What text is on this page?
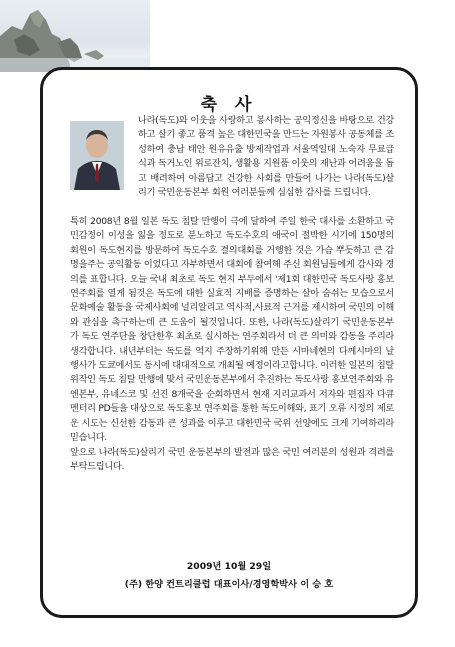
축 사
나라(독도)와 이웃을 사랑하고 봉사하는 공익정신을 바탕으로 건강하고 살기 좋고 품격 높은 대한민국을 만드는 자원봉사 공동체를 조성하여 충남 태안 원유유출 방제작업과 서울역일대 노숙자 무료급식과 독거노인 위로잔치, 생활용 지원품 이웃의 재난과 어려움을 돕고 배려하여 아름답고 건강한 사회를 만들어 나가는 나라(독도)살리기 국민운동본부 회원 여러분들께 심심한 감사를 드립니다.

특히 2008년 8월 일본 독도 침탈 만행이 극에 달하여 주일 한국 대사를 소환하고 국민감정이 이성을 잃을 정도로 분노하고 독도수호의 애국이 절박한 시기에 150명의 회원이 독도현지를 방문하여 독도수호 결의대회를 거행한 것은 가슴 뿌듯하고 큰 감명을주는 공익활동 이었다고 자부하면서 대회에 참여해 주신 회원님들에게 감사와 경의를 표합니다. 오늘 국내 최초로 독도 현지 부두에서 '제1회 대한민국 독도사랑 홍보 연주회를 열게 됨것은 독도에 대한 실효적 지배를 증명하는 살아 숨쉬는 모습으로서 문화예술 활동을 국제사회에 널리알리고 역사적,사료적 근거를 제시하여 국민의 이해와 관심을 촉구하는데 큰 도움이 될것입니다. 또한, 나라(독도)살리기 국민운동본부가 독도 연주단을 창단한후 최초로 실시하는 연주회라서 더 큰 의미와 감동을 주리라 생각합니다. 내년부터는 독도를 억지 주장하기위해 만든 시마네현의 다께시마의 날 행사가 도쿄에서도 동시에 대대적으로 개최될 예정이라고합니다. 이러한 일본의 침탈위작인 독도 침탈 만행에 맞서 국민운동본부에서 추진하는 독도사랑 홍보연주회와 유엔본부, 유네스코 및 선진 8개국을 순회하면서 현재 지리교과서 저자와 편집자 다큐멘터리 PD들을 대상으로 독도홍보 연주회를 통한 독도이해와, 표기 오류 시정의 제로운 시도는 신선한 감동과 큰 성과를 이루고 대한민국 국위 선양에도 크게 기여하리라 믿습니다.

앞으로 나라(독도)살리기 국민 운동본부의 발전과 많은 국민 여러분의 성원과 격려를 부탁드립니다.

2009년 10월 29일
(주) 한양 컨트리클럽 대표이사/경영학박사 이 승 호
